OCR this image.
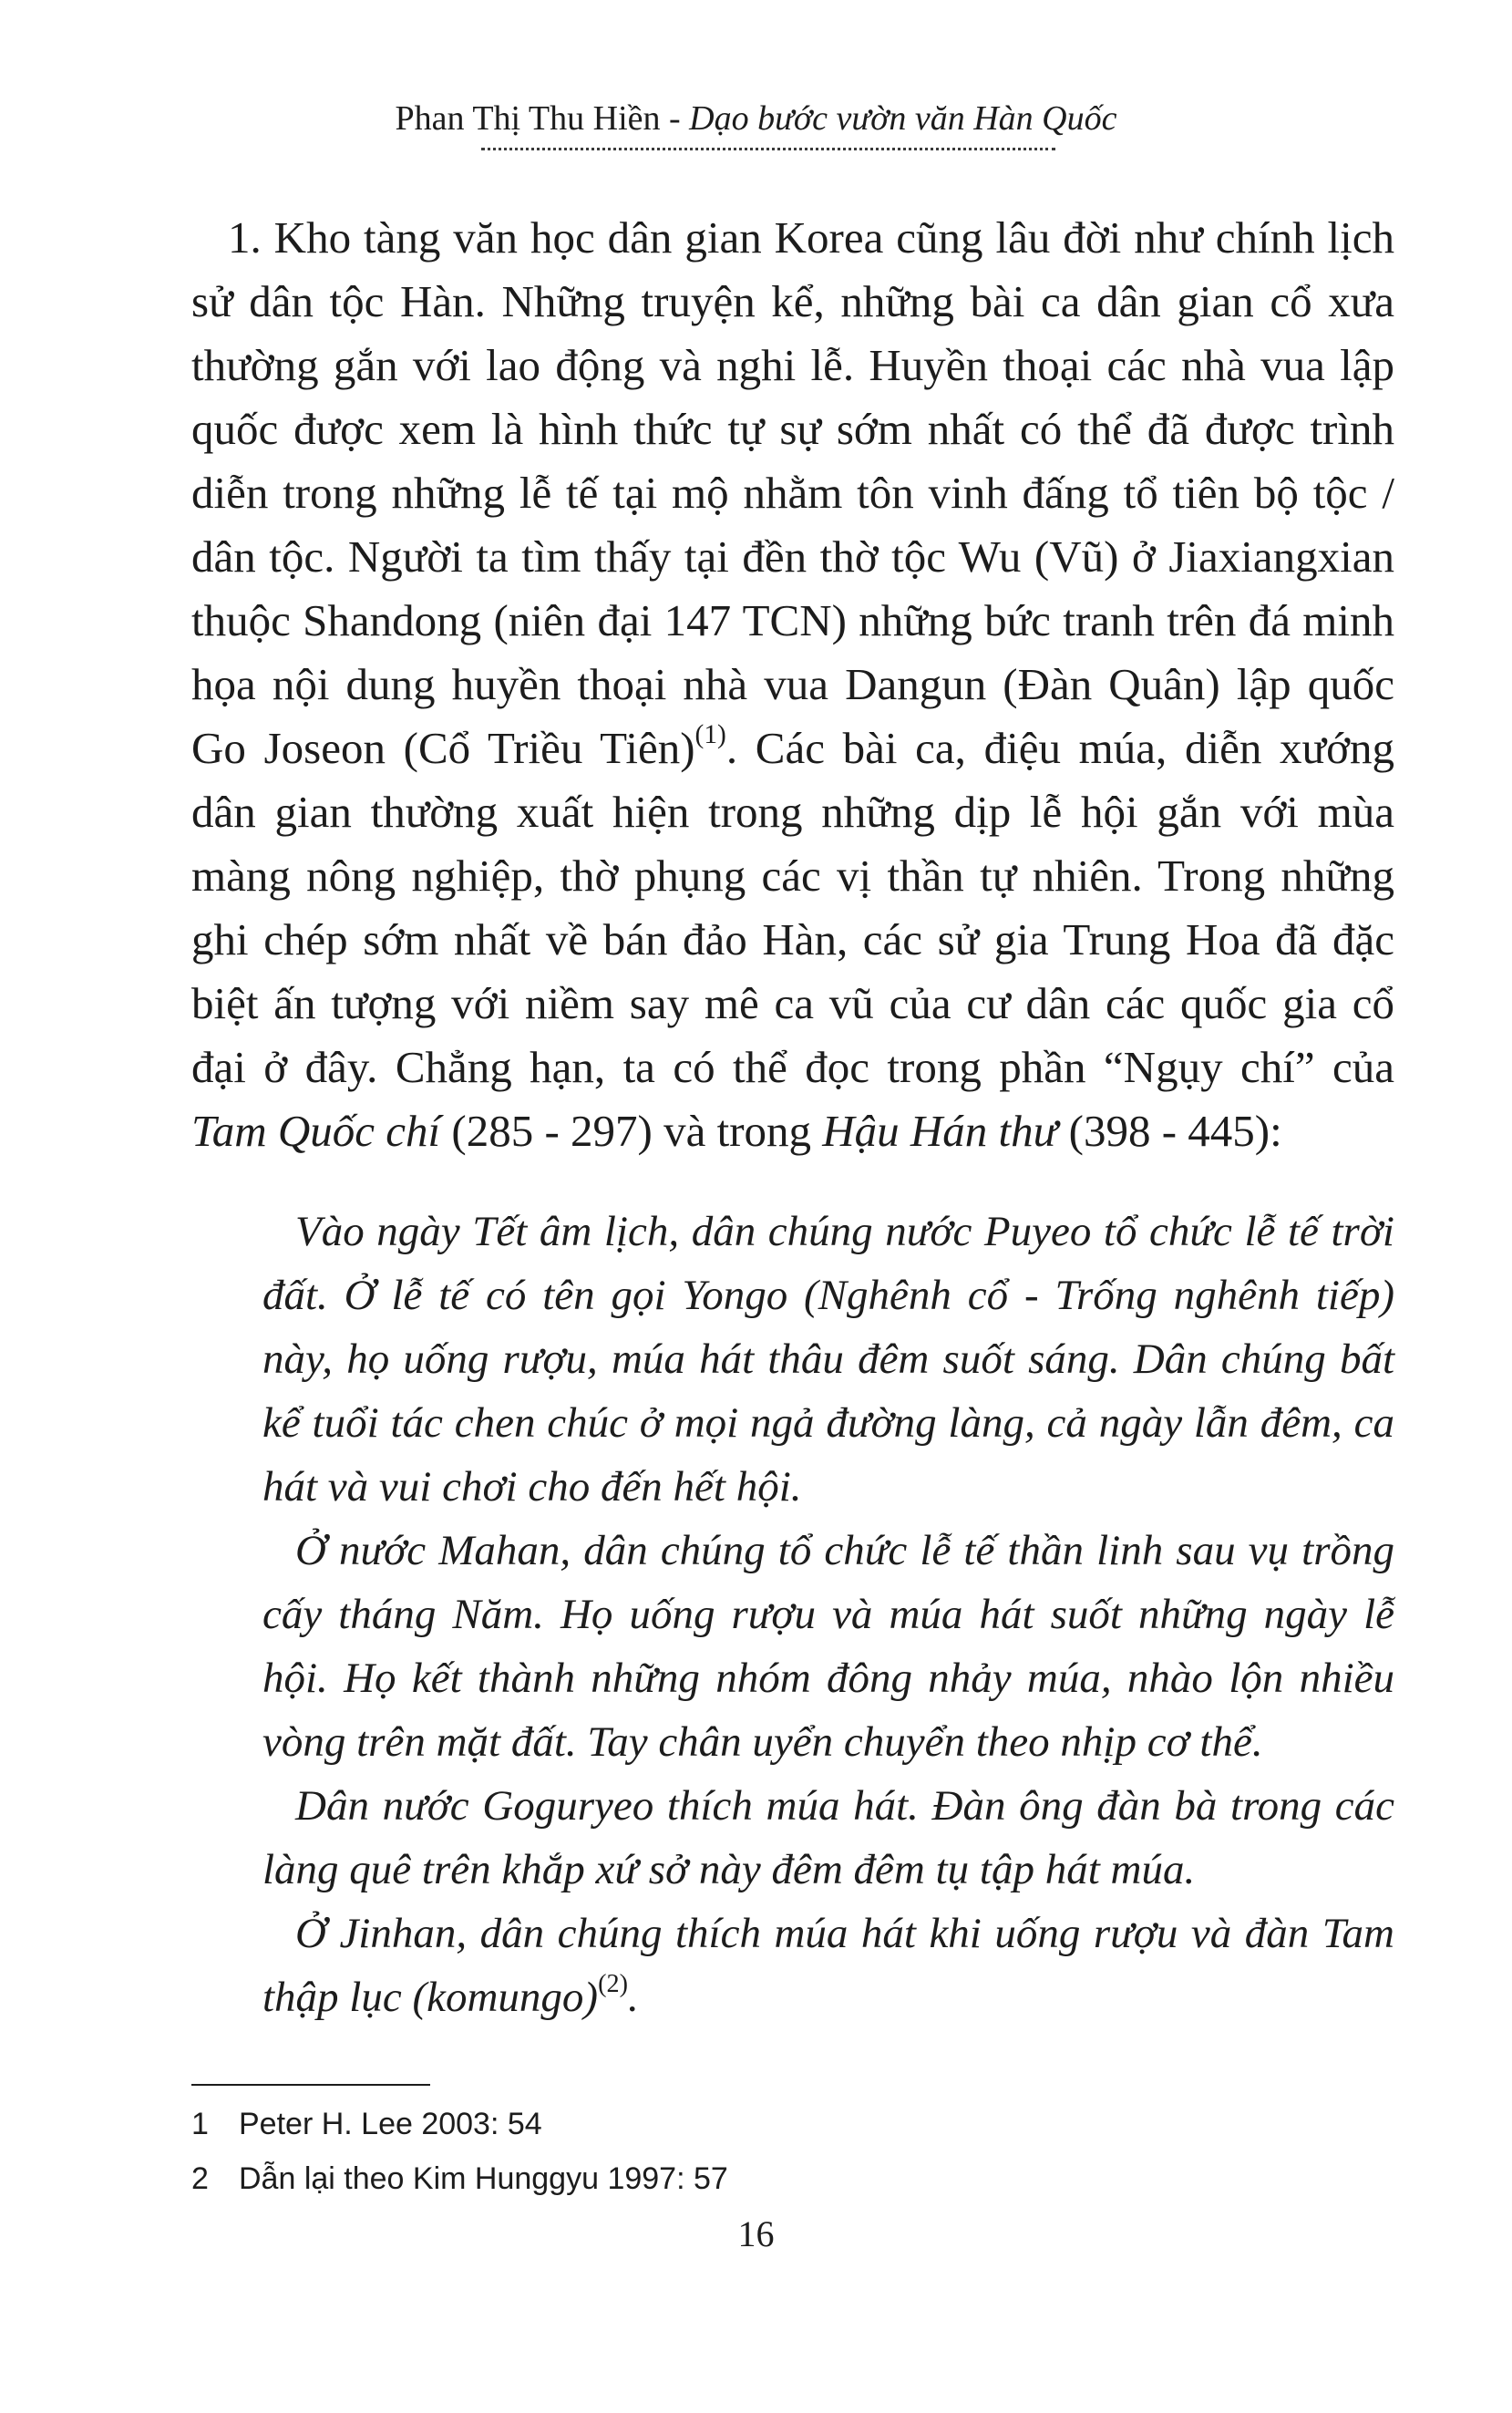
Phan Thị Thu Hiền - Dạo bước vườn văn Hàn Quốc

1. Kho tàng văn học dân gian Korea cũng lâu đời như chính lịch sử dân tộc Hàn. Những truyện kể, những bài ca dân gian cổ xưa thường gắn với lao động và nghi lễ. Huyền thoại các nhà vua lập quốc được xem là hình thức tự sự sớm nhất có thể đã được trình diễn trong những lễ tế tại mộ nhằm tôn vinh đấng tổ tiên bộ tộc / dân tộc. Người ta tìm thấy tại đền thờ tộc Wu (Vũ) ở Jiaxiangxian thuộc Shandong (niên đại 147 TCN) những bức tranh trên đá minh họa nội dung huyền thoại nhà vua Dangun (Đàn Quân) lập quốc Go Joseon (Cổ Triều Tiên)$^{(1)}$. Các bài ca, điệu múa, diễn xướng dân gian thường xuất hiện trong những dịp lễ hội gắn với mùa màng nông nghiệp, thờ phụng các vị thần tự nhiên. Trong những ghi chép sớm nhất về bán đảo Hàn, các sử gia Trung Hoa đã đặc biệt ấn tượng với niềm say mê ca vũ của cư dân các quốc gia cổ đại ở đây. Chẳng hạn, ta có thể đọc trong phần “Ngụy chí” của Tam Quốc chí (285 - 297) và trong Hậu Hán thư (398 - 445):

Vào ngày Tết âm lịch, dân chúng nước Puyeo tổ chức lễ tế trời đất. Ở lễ tế có tên gọi Yongo (Nghênh cổ - Trống nghênh tiếp) này, họ uống rượu, múa hát thâu đêm suốt sáng. Dân chúng bất kể tuổi tác chen chúc ở mọi ngả đường làng, cả ngày lẫn đêm, ca hát và vui chơi cho đến hết hội.

Ở nước Mahan, dân chúng tổ chức lễ tế thần linh sau vụ trồng cấy tháng Năm. Họ uống rượu và múa hát suốt những ngày lễ hội. Họ kết thành những nhóm đông nhảy múa, nhào lộn nhiều vòng trên mặt đất. Tay chân uyển chuyển theo nhịp cơ thể.

Dân nước Goguryeo thích múa hát. Đàn ông đàn bà trong các làng quê trên khắp xứ sở này đêm đêm tụ tập hát múa.

Ở Jinhan, dân chúng thích múa hát khi uống rượu và đàn Tam thập lục (komungo)$^{(2)}$.

1 Peter H. Lee 2003: 54
2 Dẫn lại theo Kim Hunggyu 1997: 57
16
